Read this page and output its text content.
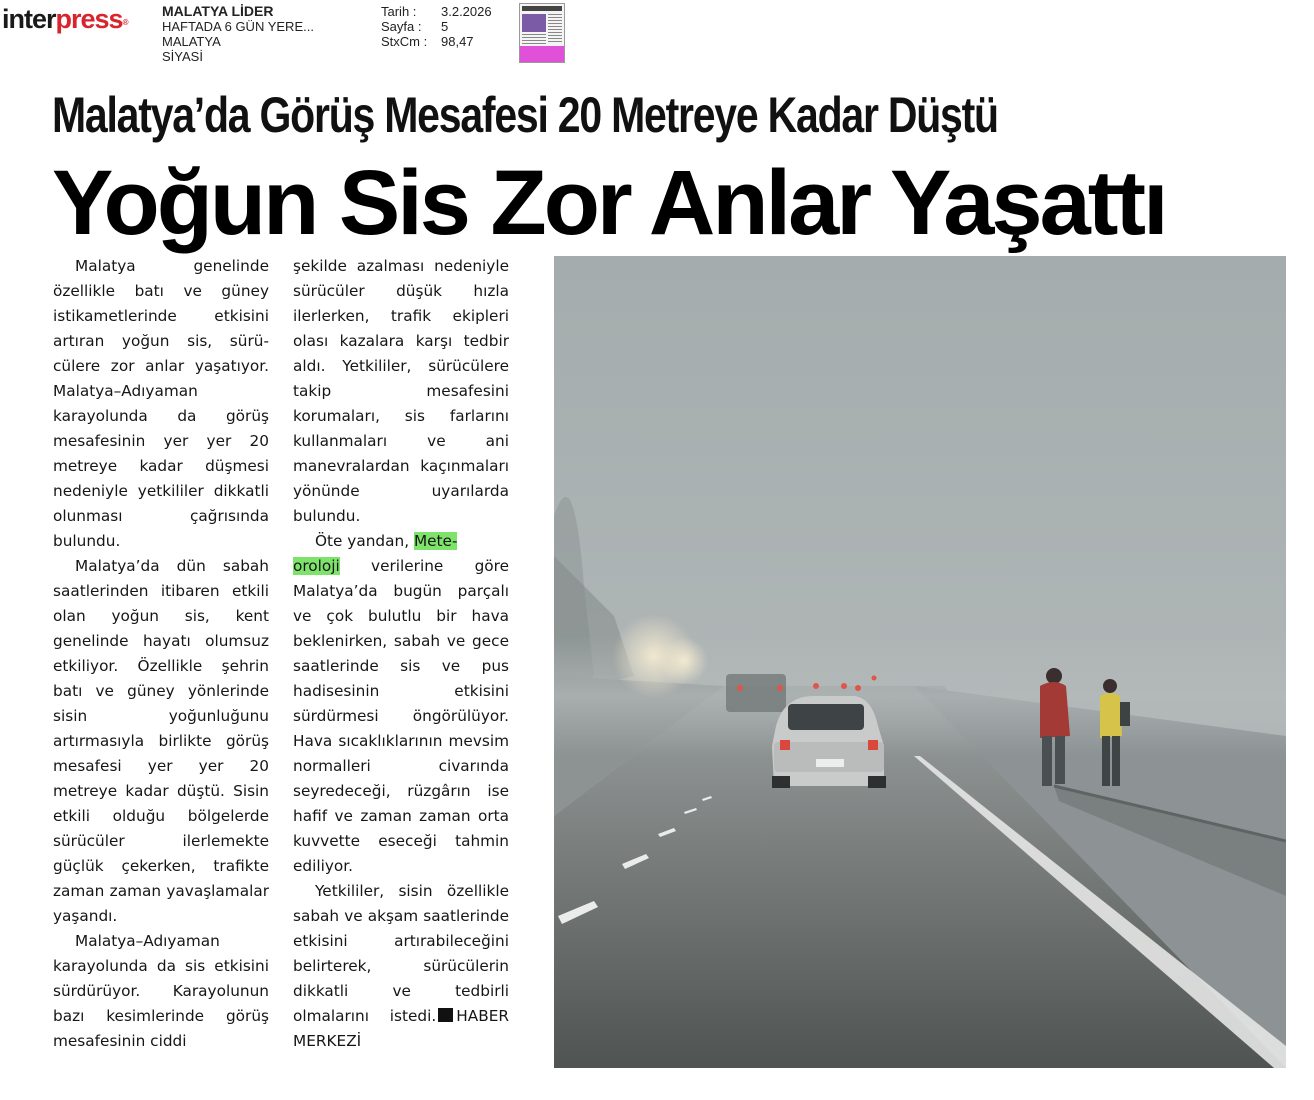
interpress®
MALATYA LİDER
HAFTADA 6 GÜN YERE...
MALATYA
SİYASİ
Tarih :	3.2.2026
Sayfa :	5
StxCm :	98,47
Malatya’da Görüş Mesafesi 20 Metreye Kadar Düştü
Yoğun Sis Zor Anlar Yaşattı

Malatya genelinde özellikle batı ve güney istikametlerinde etkisini artıran yoğun sis, sürücülere zor anlar yaşatıyor. Malatya–Adıyaman karayolunda da görüş mesafesinin yer yer 20 metreye kadar düşmesi nedeniyle yetkililer dikkatli olunması çağrısında bulundu.

Malatya’da dün sabah saatlerinden itibaren etkili olan yoğun sis, kent genelinde hayatı olumsuz etkiliyor. Özellikle şehrin batı ve güney yönlerinde sisin yoğunluğunu artırmasıyla birlikte görüş mesafesi yer yer 20 metreye kadar düştü. Sisin etkili olduğu bölgelerde sürücüler ilerlemekte güçlük çekerken, trafikte zaman zaman yavaşlamalar yaşandı.

Malatya–Adıyaman karayolunda da sis etkisini sürdürüyor. Karayolunun bazı kesimlerinde görüş mesafesinin ciddi

şekilde azalması nedeniyle sürücüler düşük hızla ilerlerken, trafik ekipleri olası kazalara karşı tedbir aldı. Yetkililer, sürücülere takip mesafesini korumaları, sis farlarını kullanmaları ve ani manevralardan kaçınmaları yönünde uyarılarda bulundu.

Öte yandan, Mete-
oroloji verilerine göre Malatya’da bugün parçalı ve çok bulutlu bir hava beklenirken, sabah ve gece saatlerinde sis ve pus hadisesinin etkisini sürdürmesi öngörülüyor. Hava sıcaklıklarının mevsim normalleri civarında seyredeceği, rüzgârın ise hafif ve zaman zaman orta kuvvette eseceği tahmin ediliyor.

Yetkililer, sisin özellikle sabah ve akşam saatlerinde etkisini artırabileceğini belirterek, sürücülerin dikkatli ve tedbirli olmalarını istedi. HABER MERKEZİ
